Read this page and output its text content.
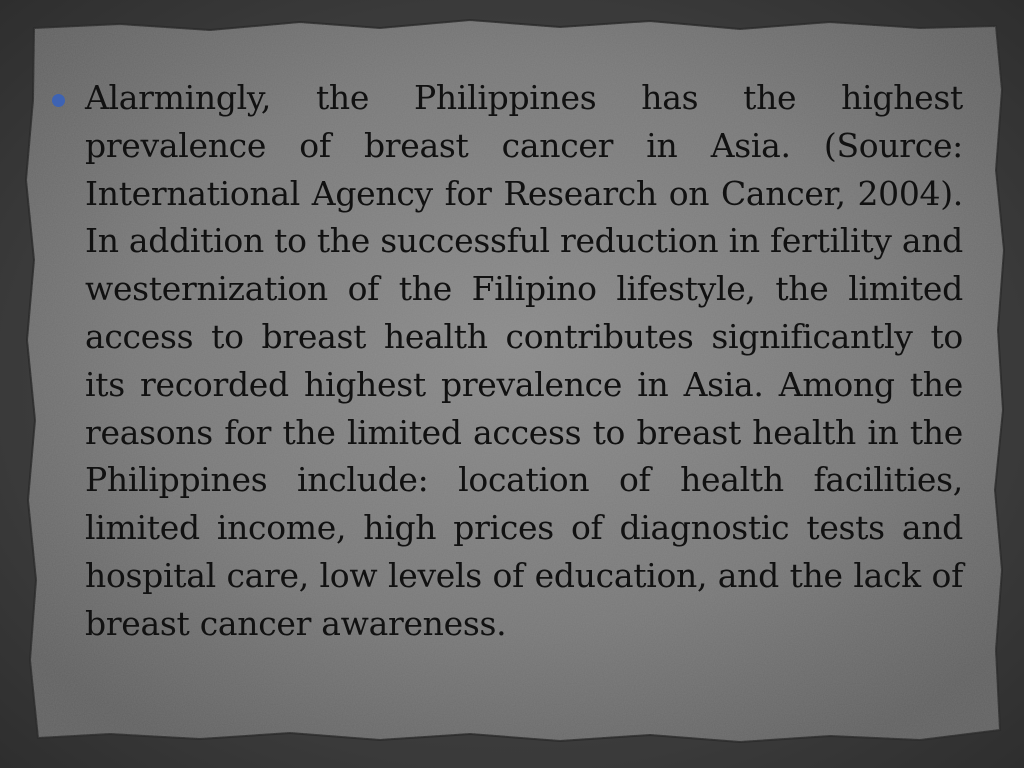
Alarmingly, the Philippines has the highest prevalence of breast cancer in Asia. (Source: International Agency for Research on Cancer, 2004). In addition to the successful reduction in fertility and westernization of the Filipino lifestyle, the limited access to breast health contributes significantly to its recorded highest prevalence in Asia. Among the reasons for the limited access to breast health in the Philippines include: location of health facilities, limited income, high prices of diagnostic tests and hospital care, low levels of education, and the lack of breast cancer awareness.
